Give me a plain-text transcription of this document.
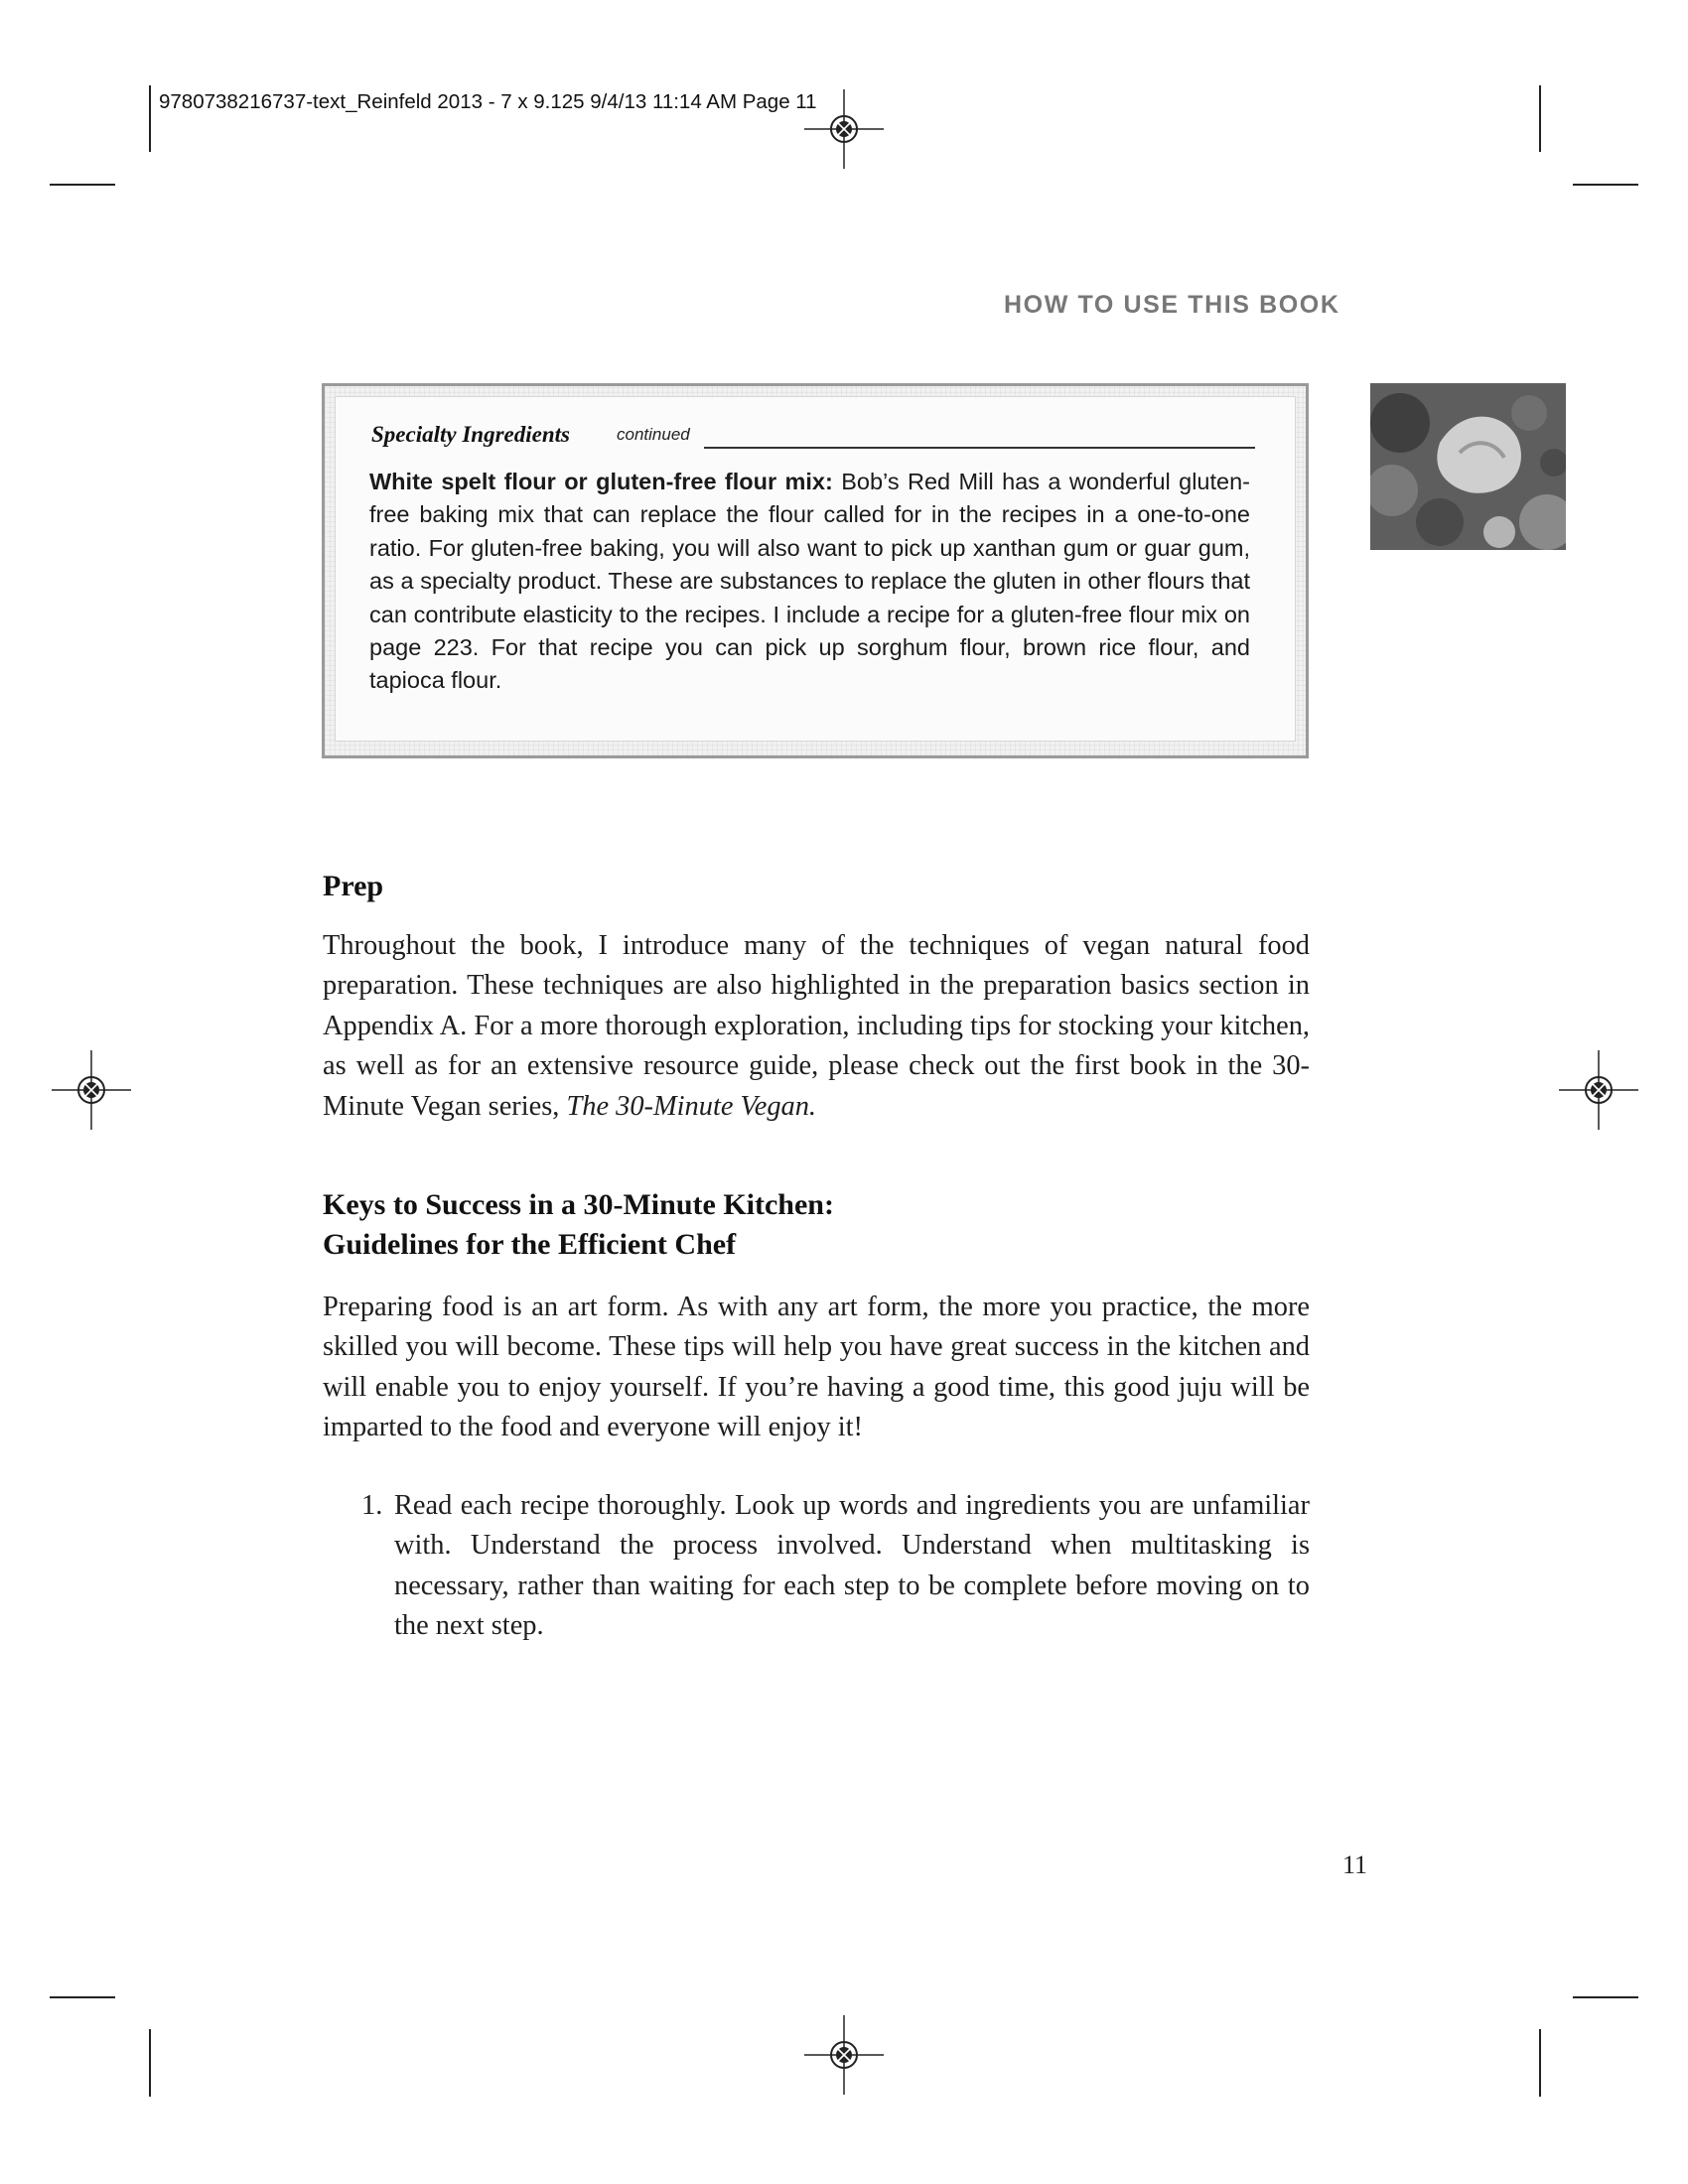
9780738216737-text_Reinfeld 2013 - 7 x 9.125 9/4/13 11:14 AM Page 11
HOW TO USE THIS BOOK
Specialty Ingredients	continued

White spelt flour or gluten-free flour mix: Bob’s Red Mill has a wonderful gluten-free baking mix that can replace the flour called for in the recipes in a one-to-one ratio. For gluten-free baking, you will also want to pick up xanthan gum or guar gum, as a specialty product. These are substances to replace the gluten in other flours that can contribute elasticity to the recipes. I include a recipe for a gluten-free flour mix on page 223. For that recipe you can pick up sorghum flour, brown rice flour, and tapioca flour.

Prep

Throughout the book, I introduce many of the techniques of vegan natural food preparation. These techniques are also highlighted in the preparation basics section in Appendix A. For a more thorough exploration, including tips for stocking your kitchen, as well as for an extensive resource guide, please check out the first book in the 30-Minute Vegan series, The 30-Minute Vegan.

Keys to Success in a 30-Minute Kitchen:
Guidelines for the Efficient Chef

Preparing food is an art form. As with any art form, the more you practice, the more skilled you will become. These tips will help you have great success in the kitchen and will enable you to enjoy yourself. If you’re having a good time, this good juju will be imparted to the food and everyone will enjoy it!

1. Read each recipe thoroughly. Look up words and ingredients you are unfamiliar with. Understand the process involved. Understand when multitasking is necessary, rather than waiting for each step to be complete before moving on to the next step.

11
